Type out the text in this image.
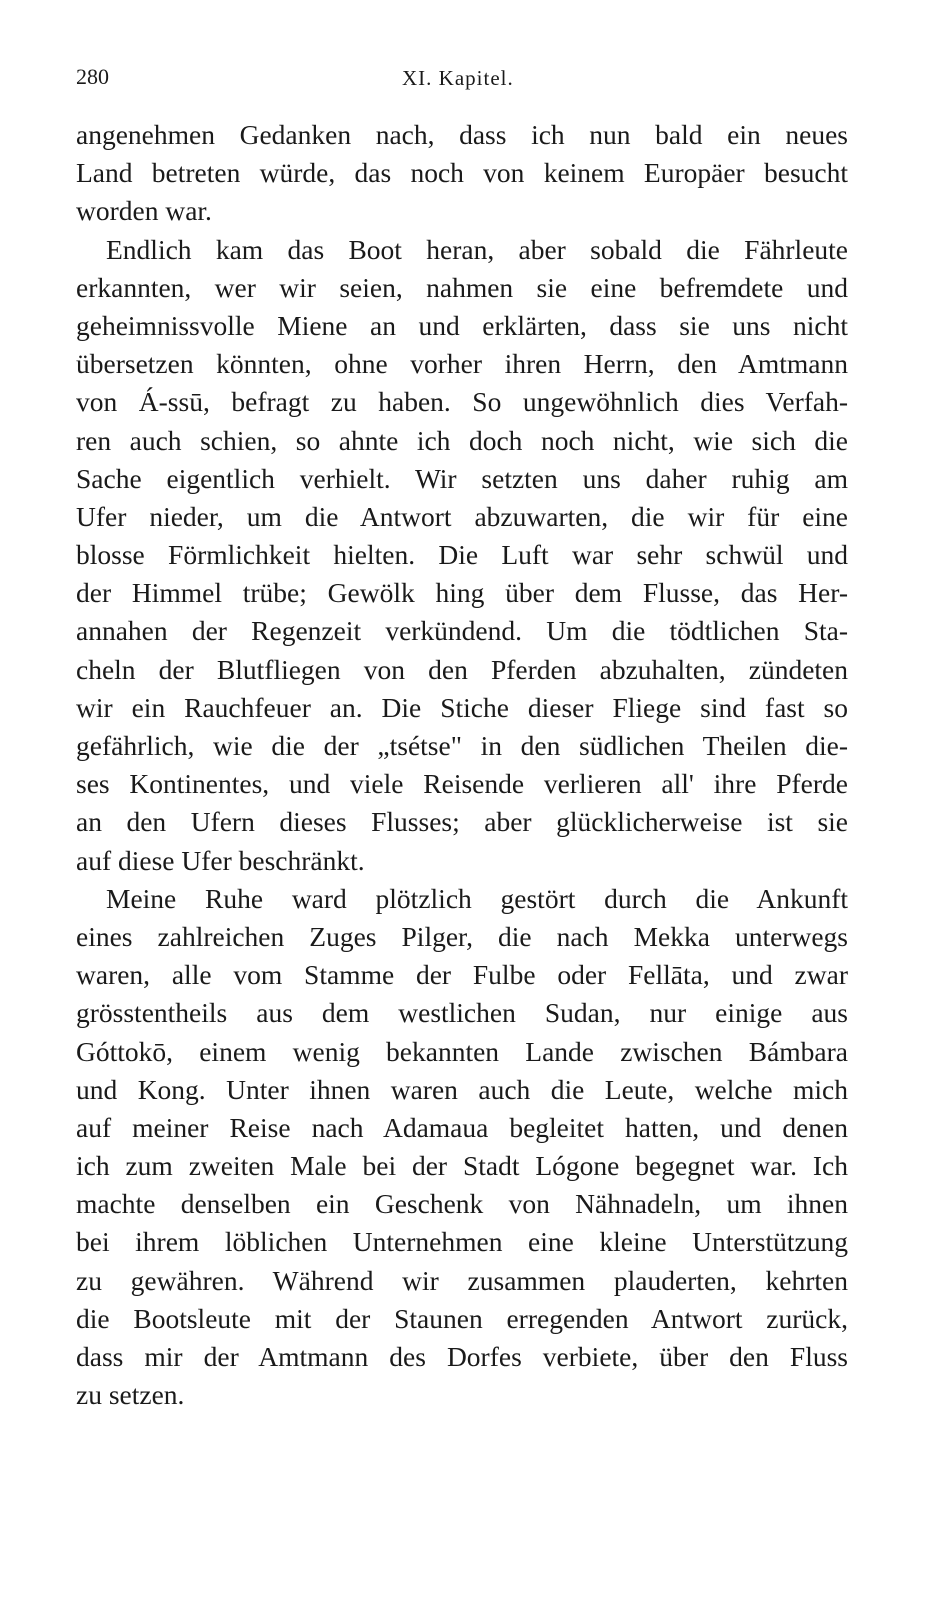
280	XI. Kapitel.
angenehmen Gedanken nach, dass ich nun bald ein neues
Land betreten würde, das noch von keinem Europäer besucht
worden war.
Endlich kam das Boot heran, aber sobald die Fährleute
erkannten, wer wir seien, nahmen sie eine befremdete und
geheimnissvolle Miene an und erklärten, dass sie uns nicht
übersetzen könnten, ohne vorher ihren Herrn, den Amtmann
von Á-ssū, befragt zu haben. So ungewöhnlich dies Verfah-
ren auch schien, so ahnte ich doch noch nicht, wie sich die
Sache eigentlich verhielt. Wir setzten uns daher ruhig am
Ufer nieder, um die Antwort abzuwarten, die wir für eine
blosse Förmlichkeit hielten. Die Luft war sehr schwül und
der Himmel trübe; Gewölk hing über dem Flusse, das Her-
annahen der Regenzeit verkündend. Um die tödtlichen Sta-
cheln der Blutfliegen von den Pferden abzuhalten, zündeten
wir ein Rauchfeuer an. Die Stiche dieser Fliege sind fast so
gefährlich, wie die der „tsétse" in den südlichen Theilen die-
ses Kontinentes, und viele Reisende verlieren all' ihre Pferde
an den Ufern dieses Flusses; aber glücklicherweise ist sie
auf diese Ufer beschränkt.
Meine Ruhe ward plötzlich gestört durch die Ankunft
eines zahlreichen Zuges Pilger, die nach Mekka unterwegs
waren, alle vom Stamme der Fulbe oder Fellāta, und zwar
grösstentheils aus dem westlichen Sudan, nur einige aus
Góttokō, einem wenig bekannten Lande zwischen Bámbara
und Kong. Unter ihnen waren auch die Leute, welche mich
auf meiner Reise nach Adamaua begleitet hatten, und denen
ich zum zweiten Male bei der Stadt Lógone begegnet war. Ich
machte denselben ein Geschenk von Nähnadeln, um ihnen
bei ihrem löblichen Unternehmen eine kleine Unterstützung
zu gewähren. Während wir zusammen plauderten, kehrten
die Bootsleute mit der Staunen erregenden Antwort zurück,
dass mir der Amtmann des Dorfes verbiete, über den Fluss
zu setzen.
